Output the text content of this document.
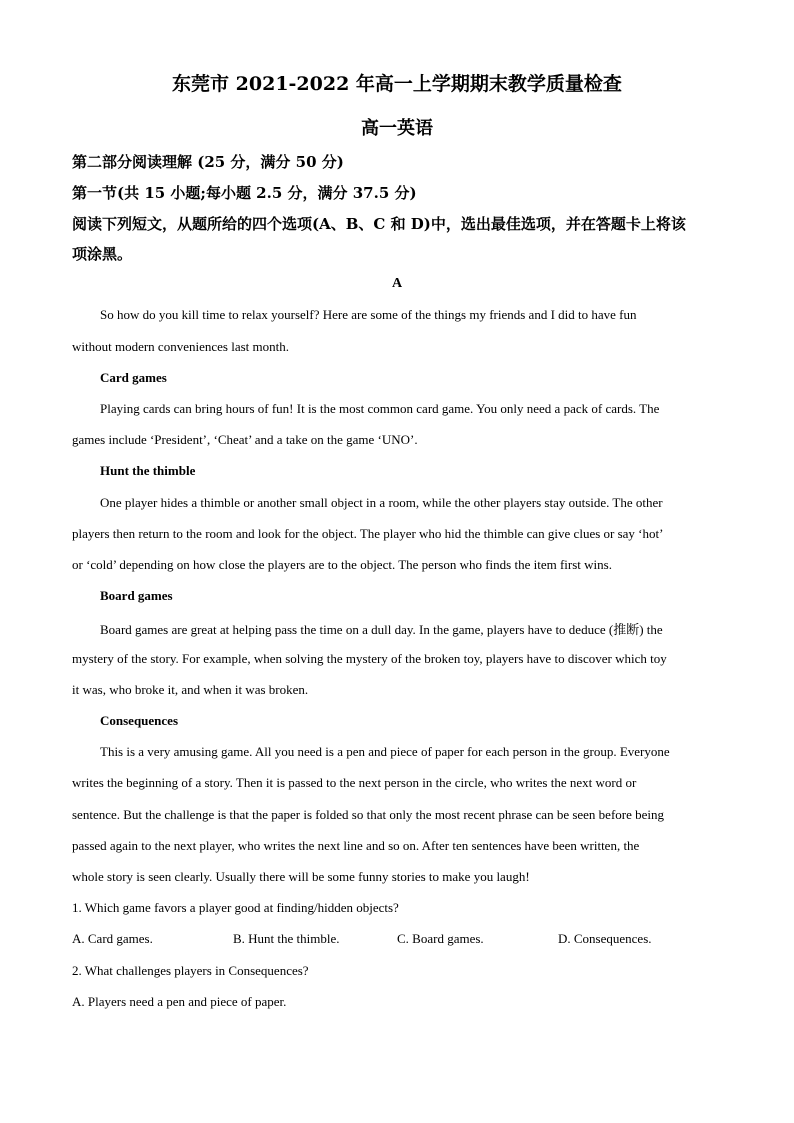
东莞市 2021-2022 年高一上学期期末教学质量检查
高一英语
第二部分阅读理解 (25 分，满分 50 分)
第一节(共 15 小题;每小题 2.5 分，满分 37.5 分)
阅读下列短文，从题所给的四个选项(A、B、C 和 D)中，选出最佳选项，并在答题卡上将该
项涂黑。
A
So how do you kill time to relax yourself? Here are some of the things my friends and I did to have fun
without modern conveniences last month.
Card games
Playing cards can bring hours of fun! It is the most common card game. You only need a pack of cards. The
games include ‘President’, ‘Cheat’ and a take on the game ‘UNO’.
Hunt the thimble
One player hides a thimble or another small object in a room, while the other players stay outside. The other
players then return to the room and look for the object. The player who hid the thimble can give clues or say ‘hot’
or ‘cold’ depending on how close the players are to the object. The person who finds the item first wins.
Board games
Board games are great at helping pass the time on a dull day. In the game, players have to deduce (推断) the
mystery of the story. For example, when solving the mystery of the broken toy, players have to discover which toy
it was, who broke it, and when it was broken.
Consequences
This is a very amusing game. All you need is a pen and piece of paper for each person in the group. Everyone
writes the beginning of a story. Then it is passed to the next person in the circle, who writes the next word or
sentence. But the challenge is that the paper is folded so that only the most recent phrase can be seen before being
passed again to the next player, who writes the next line and so on. After ten sentences have been written, the
whole story is seen clearly. Usually there will be some funny stories to make you laugh!
1. Which game favors a player good at finding/hidden objects?
A. Card games.	B. Hunt the thimble.	C. Board games.	D. Consequences.
2. What challenges players in Consequences?
A. Players need a pen and piece of paper.
